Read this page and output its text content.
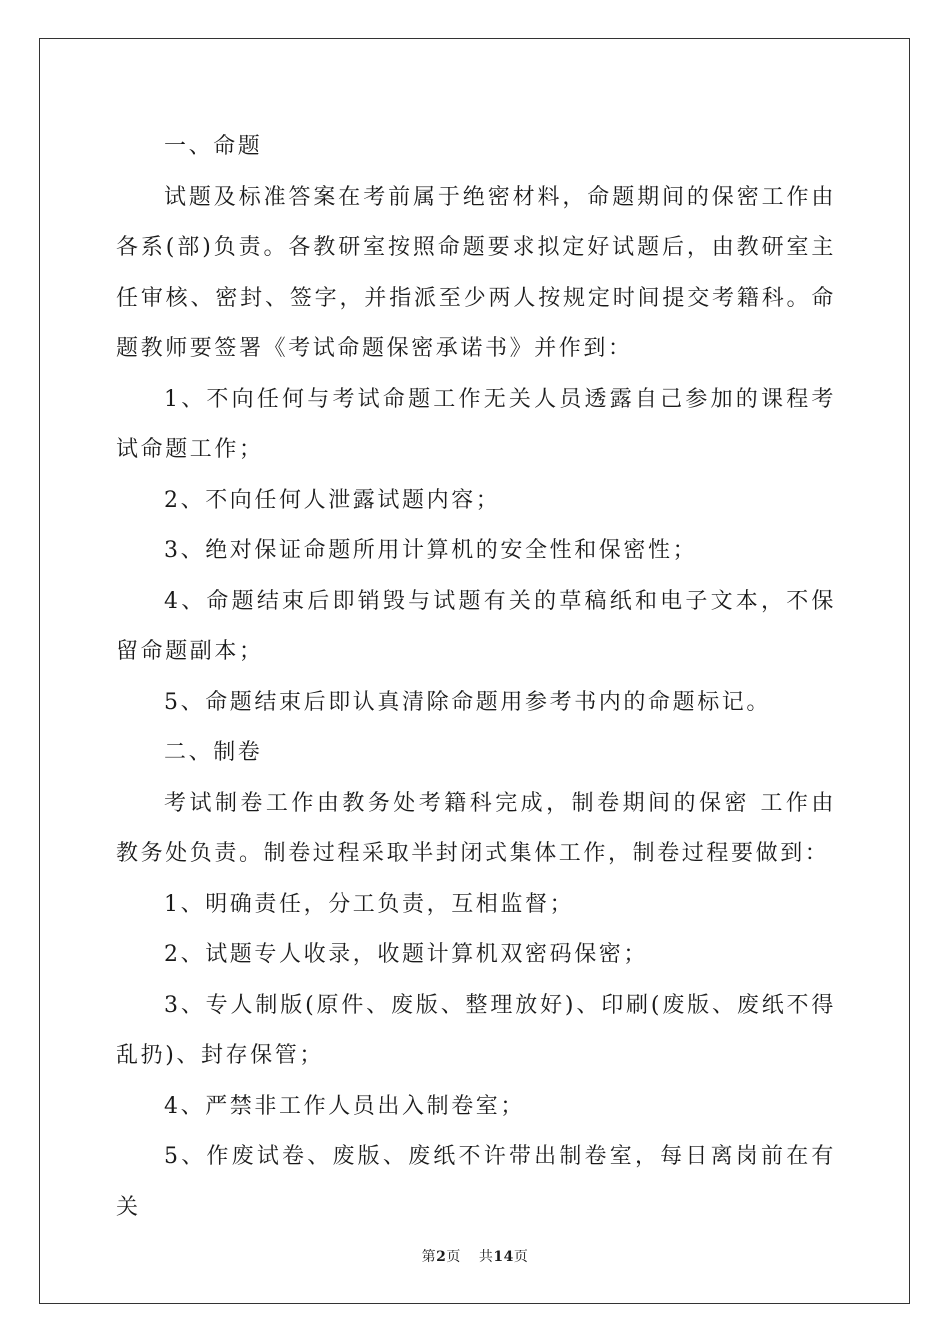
一、命题

试题及标准答案在考前属于绝密材料，命题期间的保密工作由各系(部)负责。各教研室按照命题要求拟定好试题后，由教研室主任审核、密封、签字，并指派至少两人按规定时间提交考籍科。命题教师要签署《考试命题保密承诺书》并作到：

1、不向任何与考试命题工作无关人员透露自己参加的课程考试命题工作；

2、不向任何人泄露试题内容；

3、绝对保证命题所用计算机的安全性和保密性；

4、命题结束后即销毁与试题有关的草稿纸和电子文本，不保留命题副本；

5、命题结束后即认真清除命题用参考书内的命题标记。

二、制卷

考试制卷工作由教务处考籍科完成，制卷期间的保密 工作由教务处负责。制卷过程采取半封闭式集体工作，制卷过程要做到：

1、明确责任，分工负责，互相监督；

2、试题专人收录，收题计算机双密码保密；

3、专人制版(原件、废版、整理放好)、印刷(废版、废纸不得乱扔)、封存保管；

4、严禁非工作人员出入制卷室；

5、作废试卷、废版、废纸不许带出制卷室，每日离岗前在有关

第2页 共14页
